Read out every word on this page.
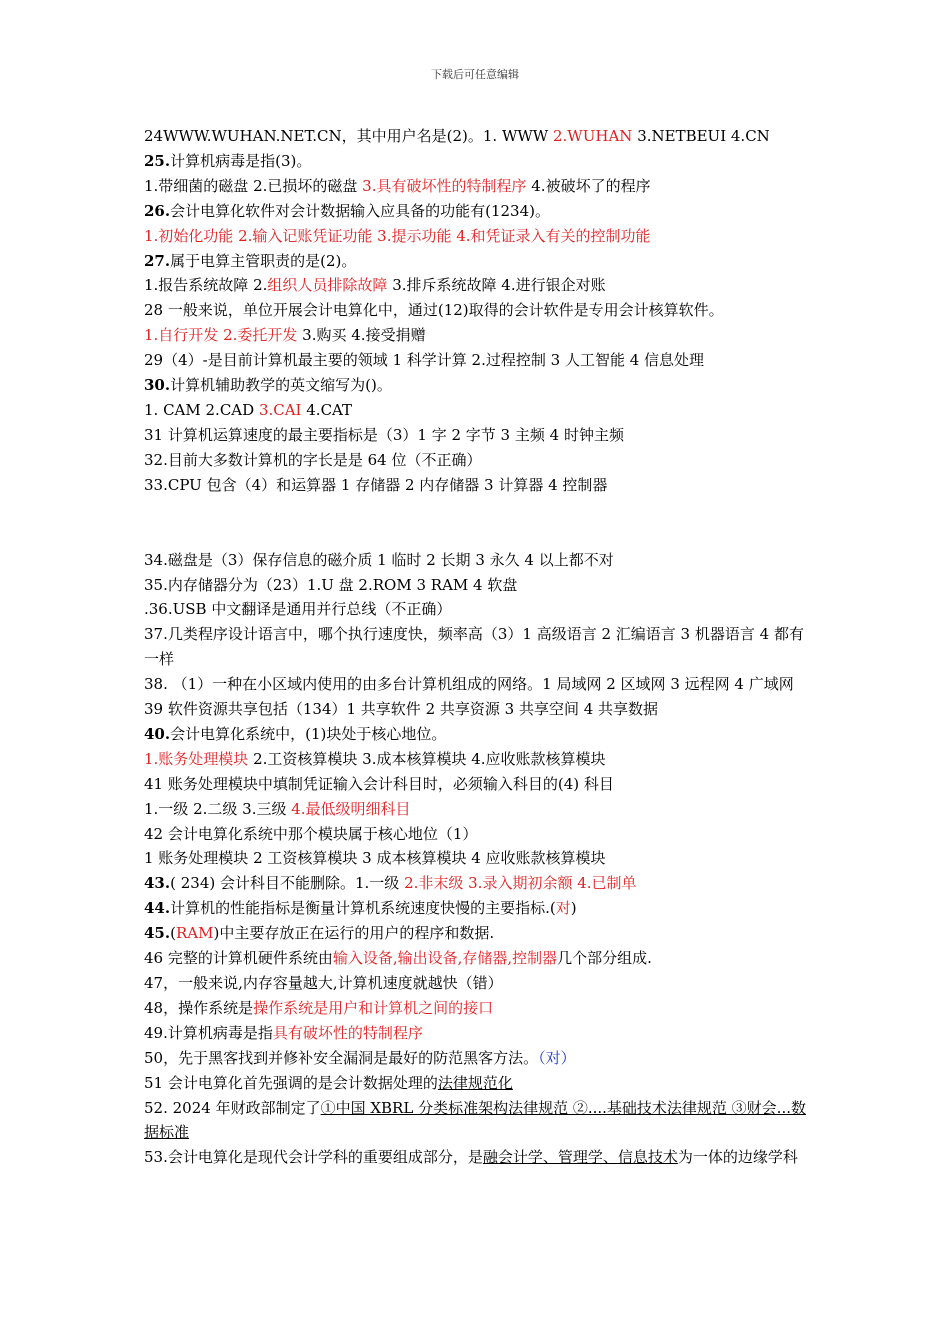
下载后可任意编辑
24WWW.WUHAN.NET.CN，其中用户名是(2)。1. WWW 2.WUHAN 3.NETBEUI 4.CN
25.计算机病毒是指(3)。
1.带细菌的磁盘 2.已损坏的磁盘 3.具有破坏性的特制程序 4.被破坏了的程序
26.会计电算化软件对会计数据输入应具备的功能有(1234)。
1.初始化功能 2.输入记账凭证功能 3.提示功能 4.和凭证录入有关的控制功能
27.属于电算主管职责的是(2)。
1.报告系统故障 2.组织人员排除故障 3.排斥系统故障 4.进行银企对账
28 一般来说，单位开展会计电算化中，通过(12)取得的会计软件是专用会计核算软件。
1.自行开发 2.委托开发 3.购买 4.接受捐赠
29（4）-是目前计算机最主要的领域 1 科学计算 2.过程控制 3 人工智能 4 信息处理
30.计算机辅助教学的英文缩写为()。
1. CAM 2.CAD 3.CAI 4.CAT
31 计算机运算速度的最主要指标是（3）1 字 2 字节 3 主频 4 时钟主频
32.目前大多数计算机的字长是是 64 位（不正确）
33.CPU 包含（4）和运算器 1 存储器 2 内存储器 3 计算器 4 控制器
34.磁盘是（3）保存信息的磁介质 1 临时 2 长期 3 永久 4 以上都不对
35.内存储器分为（23）1.U 盘 2.ROM 3 RAM 4 软盘
.36.USB 中文翻译是通用并行总线（不正确）
37.几类程序设计语言中，哪个执行速度快，频率高（3）1 高级语言 2 汇编语言 3 机器语言 4 都有一样
38. （1）一种在小区域内使用的由多台计算机组成的网络。1 局域网 2 区域网 3 远程网 4 广域网
39 软件资源共享包括（134）1 共享软件 2 共享资源 3 共享空间 4 共享数据
40.会计电算化系统中，(1)块处于核心地位。
1.账务处理模块 2.工资核算模块 3.成本核算模块 4.应收账款核算模块
41 账务处理模块中填制凭证输入会计科目时，必须输入科目的(4) 科目
1.一级 2.二级 3.三级 4.最低级明细科目
42 会计电算化系统中那个模块属于核心地位（1）
1 账务处理模块 2 工资核算模块 3 成本核算模块 4 应收账款核算模块
43.( 234) 会计科目不能删除。1.一级 2.非末级 3.录入期初余额 4.已制单
44.计算机的性能指标是衡量计算机系统速度快慢的主要指标.(对)
45.(RAM)中主要存放正在运行的用户的程序和数据.
46 完整的计算机硬件系统由输入设备,输出设备,存储器,控制器几个部分组成.
47，一般来说,内存容量越大,计算机速度就越快（错）
48，操作系统是操作系统是用户和计算机之间的接口
49.计算机病毒是指具有破坏性的特制程序
50，先于黑客找到并修补安全漏洞是最好的防范黑客方法。（对）
51 会计电算化首先强调的是会计数据处理的法律规范化
52. 2024 年财政部制定了①中国 XBRL 分类标准架构法律规范 ②....基础技术法律规范 ③财会...数据标准
53.会计电算化是现代会计学科的重要组成部分，是融会计学、管理学、信息技术为一体的边缘学科
